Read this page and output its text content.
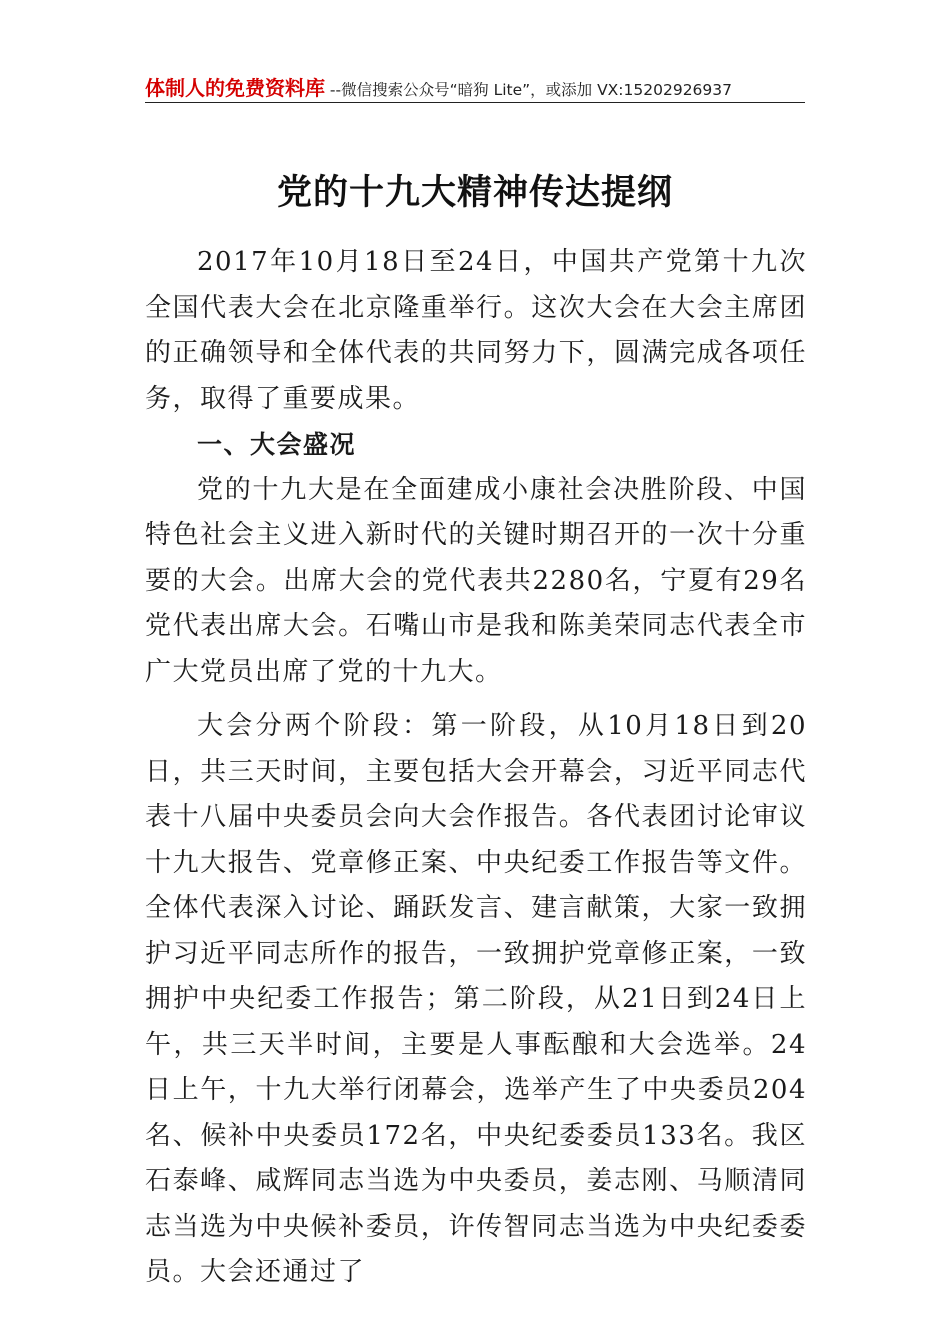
体制人的免费资料库 --微信搜索公众号“暗狗 Lite”，或添加 VX:15202926937
党的十九大精神传达提纲

2017年10月18日至24日，中国共产党第十九次全国代表大会在北京隆重举行。这次大会在大会主席团的正确领导和全体代表的共同努力下，圆满完成各项任务，取得了重要成果。

一、大会盛况

党的十九大是在全面建成小康社会决胜阶段、中国特色社会主义进入新时代的关键时期召开的一次十分重要的大会。出席大会的党代表共2280名，宁夏有29名党代表出席大会。石嘴山市是我和陈美荣同志代表全市广大党员出席了党的十九大。

大会分两个阶段：第一阶段，从10月18日到20日，共三天时间，主要包括大会开幕会，习近平同志代表十八届中央委员会向大会作报告。各代表团讨论审议十九大报告、党章修正案、中央纪委工作报告等文件。全体代表深入讨论、踊跃发言、建言献策，大家一致拥护习近平同志所作的报告，一致拥护党章修正案，一致拥护中央纪委工作报告；第二阶段，从21日到24日上午，共三天半时间，主要是人事酝酿和大会选举。24日上午，十九大举行闭幕会，选举产生了中央委员204名、候补中央委员172名，中央纪委委员133名。我区石泰峰、咸辉同志当选为中央委员，姜志刚、马顺清同志当选为中央候补委员，许传智同志当选为中央纪委委员。大会还通过了
